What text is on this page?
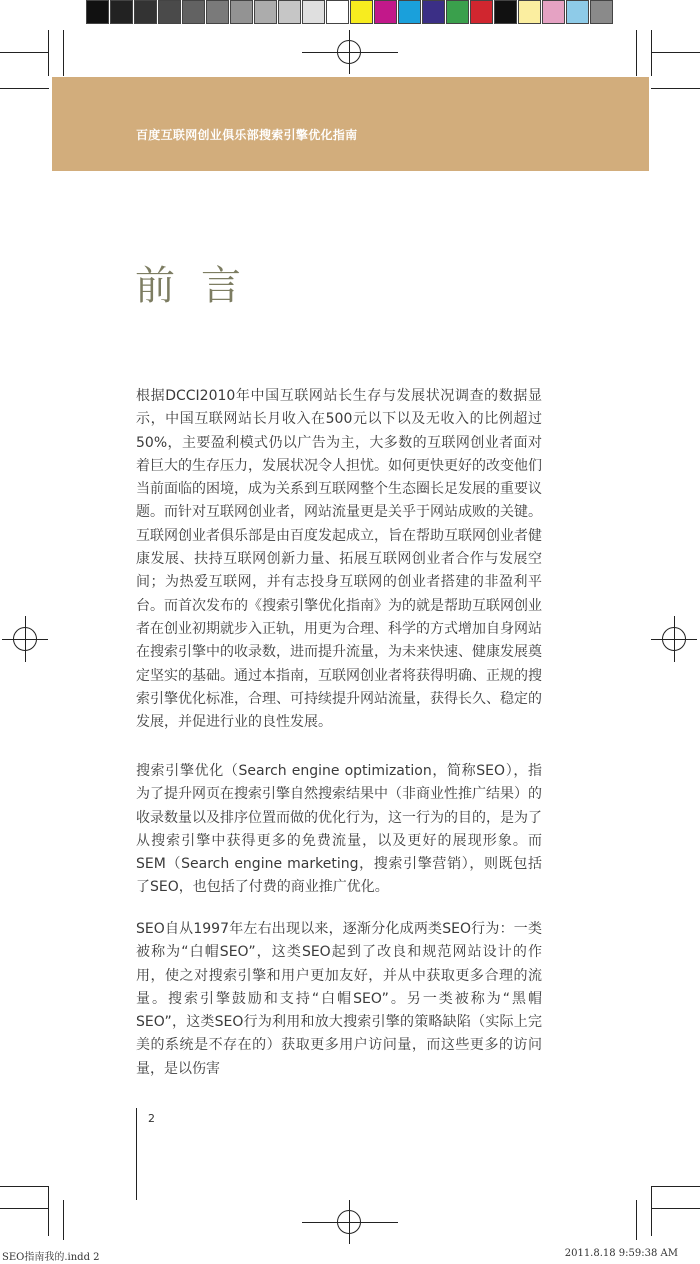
百度互联网创业俱乐部搜索引擎优化指南
前言

根据DCCI2010年中国互联网站长生存与发展状况调查的数据显示，中国互联网站长月收入在500元以下以及无收入的比例超过50%，主要盈利模式仍以广告为主，大多数的互联网创业者面对着巨大的生存压力，发展状况令人担忧。如何更快更好的改变他们当前面临的困境，成为关系到互联网整个生态圈长足发展的重要议题。而针对互联网创业者，网站流量更是关乎于网站成败的关键。互联网创业者俱乐部是由百度发起成立，旨在帮助互联网创业者健康发展、扶持互联网创新力量、拓展互联网创业者合作与发展空间；为热爱互联网，并有志投身互联网的创业者搭建的非盈利平台。而首次发布的《搜索引擎优化指南》为的就是帮助互联网创业者在创业初期就步入正轨，用更为合理、科学的方式增加自身网站在搜索引擎中的收录数，进而提升流量，为未来快速、健康发展奠定坚实的基础。通过本指南，互联网创业者将获得明确、正规的搜索引擎优化标准，合理、可持续提升网站流量，获得长久、稳定的发展，并促进行业的良性发展。

搜索引擎优化（Search engine optimization，简称SEO），指为了提升网页在搜索引擎自然搜索结果中（非商业性推广结果）的收录数量以及排序位置而做的优化行为，这一行为的目的，是为了从搜索引擎中获得更多的免费流量，以及更好的展现形象。而SEM（Search engine marketing，搜索引擎营销），则既包括了SEO，也包括了付费的商业推广优化。

SEO自从1997年左右出现以来，逐渐分化成两类SEO行为：一类被称为“白帽SEO”，这类SEO起到了改良和规范网站设计的作用，使之对搜索引擎和用户更加友好，并从中获取更多合理的流量。搜索引擎鼓励和支持“白帽SEO”。另一类被称为“黑帽SEO”，这类SEO行为利用和放大搜索引擎的策略缺陷（实际上完美的系统是不存在的）获取更多用户访问量，而这些更多的访问量，是以伤害

2
SEO指南我的.indd 2	2011.8.18 9:59:38 AM
